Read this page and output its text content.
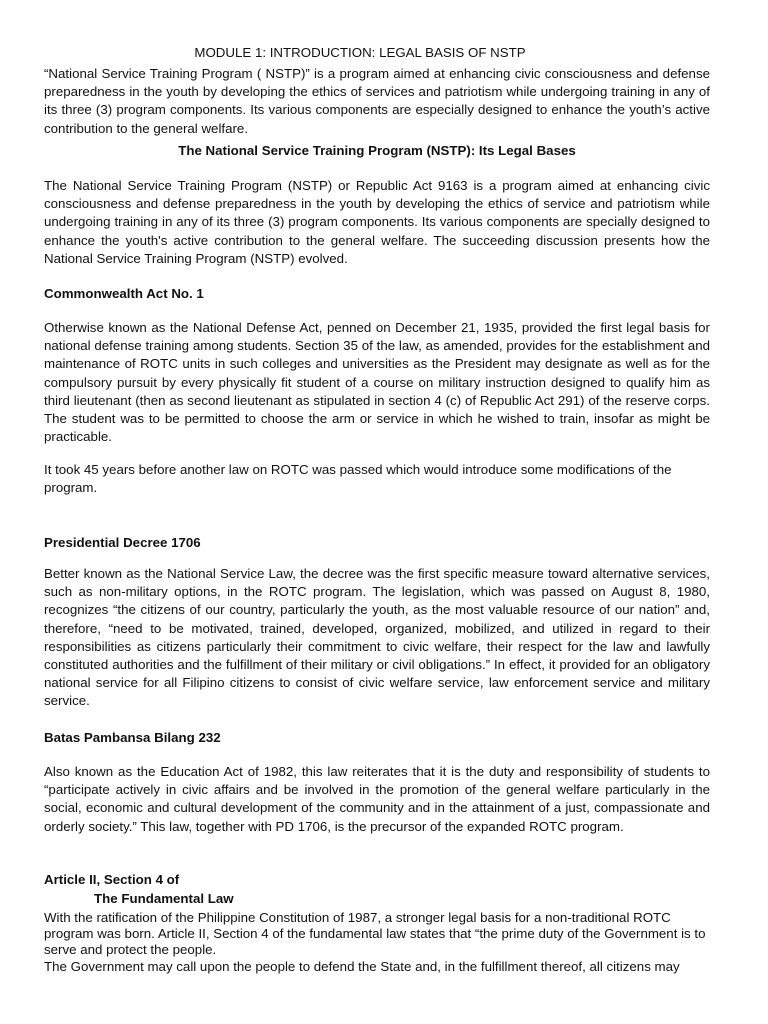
MODULE 1: INTRODUCTION: LEGAL BASIS OF NSTP

“National Service Training Program ( NSTP)” is a program aimed at enhancing civic consciousness and defense preparedness in the youth by developing the ethics of services and patriotism while undergoing training in any of its three (3) program components. Its various components are especially designed to enhance the youth’s active contribution to the general welfare.

The National Service Training Program (NSTP): Its Legal Bases

The National Service Training Program (NSTP) or Republic Act 9163 is a program aimed at enhancing civic consciousness and defense preparedness in the youth by developing the ethics of service and patriotism while undergoing training in any of its three (3) program components. Its various components are specially designed to enhance the youth's active contribution to the general welfare. The succeeding discussion presents how the National Service Training Program (NSTP) evolved.

Commonwealth Act No. 1

Otherwise known as the National Defense Act, penned on December 21, 1935, provided the first legal basis for national defense training among students. Section 35 of the law, as amended, provides for the establishment and maintenance of ROTC units in such colleges and universities as the President may designate as well as for the compulsory pursuit by every physically fit student of a course on military instruction designed to qualify him as third lieutenant (then as second lieutenant as stipulated in section 4 (c) of Republic Act 291) of the reserve corps. The student was to be permitted to choose the arm or service in which he wished to train, insofar as might be practicable.

It took 45 years before another law on ROTC was passed which would introduce some modifications of the program.

Presidential Decree 1706

Better known as the National Service Law, the decree was the first specific measure toward alternative services, such as non-military options, in the ROTC program. The legislation, which was passed on August 8, 1980, recognizes “the citizens of our country, particularly the youth, as the most valuable resource of our nation” and, therefore, “need to be motivated, trained, developed, organized, mobilized, and utilized in regard to their responsibilities as citizens particularly their commitment to civic welfare, their respect for the law and lawfully constituted authorities and the fulfillment of their military or civil obligations.” In effect, it provided for an obligatory national service for all Filipino citizens to consist of civic welfare service, law enforcement service and military service.

Batas Pambansa Bilang 232

Also known as the Education Act of 1982, this law reiterates that it is the duty and responsibility of students to “participate actively in civic affairs and be involved in the promotion of the general welfare particularly in the social, economic and cultural development of the community and in the attainment of a just, compassionate and orderly society.” This law, together with PD 1706, is the precursor of the expanded ROTC program.

Article II, Section 4 of
The Fundamental Law

With the ratification of the Philippine Constitution of 1987, a stronger legal basis for a non-traditional ROTC program was born. Article II, Section 4 of the fundamental law states that “the prime duty of the Government is to serve and protect the people.

The Government may call upon the people to defend the State and, in the fulfillment thereof, all citizens may
